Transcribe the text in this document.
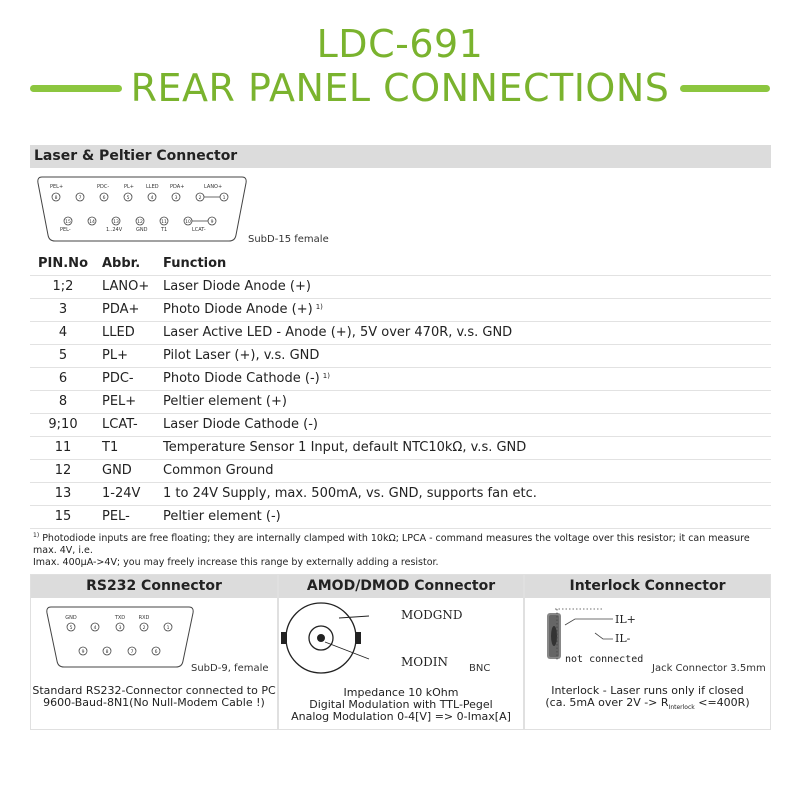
LDC-691
REAR PANEL CONNECTIONS
Laser & Peltier Connector
PEL+	PDC-	PL+ LLED PDA+	LANO+
PEL-	1..24V	GND	T1	LCAT-
8	7	6	5	4	3	2	1
15	14	13	12	11	10	9
SubD-15 female
PIN.No	Abbr.	Function
1;2	LANO+	Laser Diode Anode (+)
3	PDA+	Photo Diode Anode (+) $^{1)}$
4	LLED	Laser Active LED - Anode (+), 5V over 470R, v.s. GND
5	PL+	Pilot Laser (+), v.s. GND
6	PDC-	Photo Diode Cathode (-) $^{1)}$
8	PEL+	Peltier element (+)
9;10	LCAT-	Laser Diode Cathode (-)
11	T1	Temperature Sensor 1 Input, default NTC10kΩ, v.s. GND
12	GND	Common Ground
13	1-24V	1 to 24V Supply, max. 500mA, vs. GND, supports fan etc.
15	PEL-	Peltier element (-)
$^{1)}$ Photodiode inputs are free floating; they are internally clamped with 10kΩ; LPCA - command measures the voltage over this resistor; it can measure max. 4V, i.e.
Imax. 400µA->4V; you may freely increase this range by externally adding a resistor.
RS232 Connector
GND	TXD	RXD
5	4	3	2	1
9	8	7	6
SubD-9, female
Standard RS232-Connector connected to PC
9600-Baud-8N1(No Null-Modem Cable !)
AMOD/DMOD Connector
MODGND
MODIN BNC
Impedance 10 kOhm
Digital Modulation with TTL-Pegel
Analog Modulation 0-4[V] => 0-Imax[A]
Interlock Connector
IL+
IL-
not connected
Jack Connector 3.5mm
Interlock - Laser runs only if closed
(ca. 5mA over $2V -> R_{Interlock} <=400R$)
